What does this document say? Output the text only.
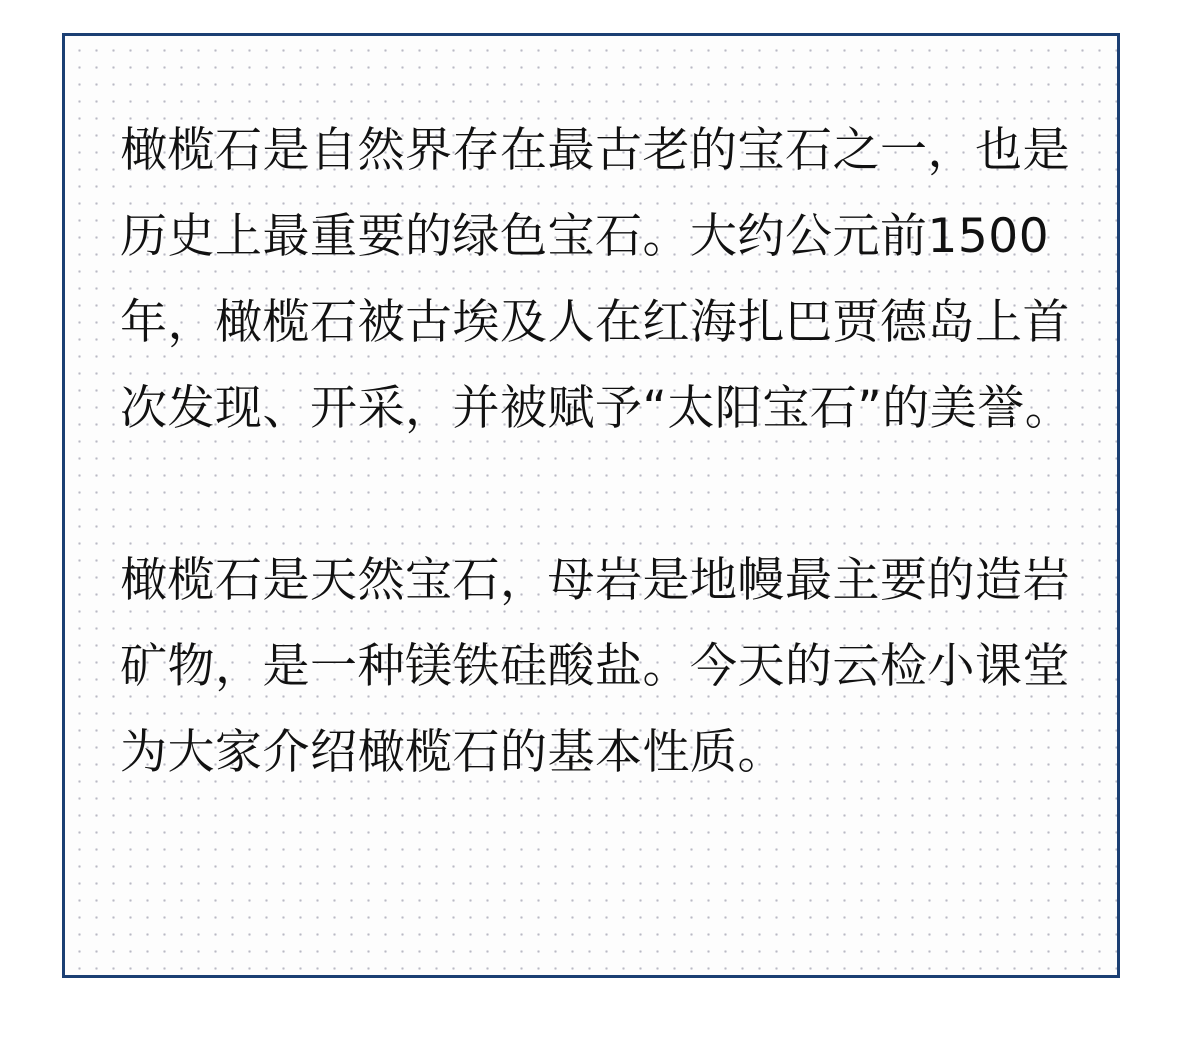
橄榄石是自然界存在最古老的宝石之一，也是历史上最重要的绿色宝石。大约公元前1500年，橄榄石被古埃及人在红海扎巴贾德岛上首次发现、开采，并被赋予“太阳宝石”的美誉。

橄榄石是天然宝石，母岩是地幔最主要的造岩矿物，是一种镁铁硅酸盐。今天的云检小课堂为大家介绍橄榄石的基本性质。
